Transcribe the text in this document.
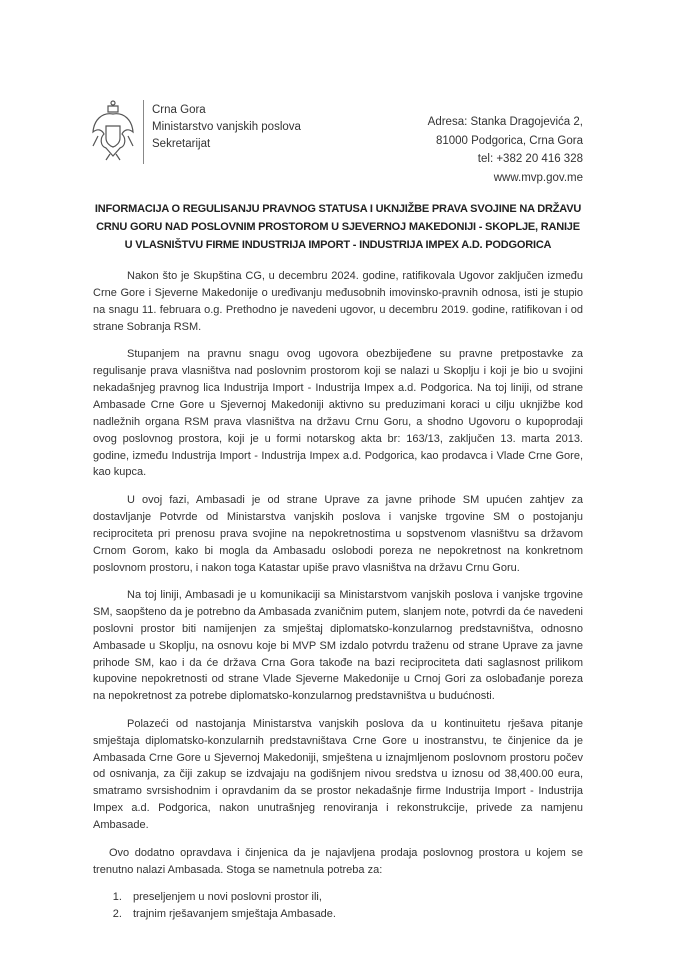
Crna Gora
Ministarstvo vanjskih poslova
Sekretarijat
Adresa: Stanka Dragojevića 2,
81000 Podgorica, Crna Gora
tel: +382 20 416 328
www.mvp.gov.me
INFORMACIJA O REGULISANJU PRAVNOG STATUSA I UKNJIŽBE PRAVA SVOJINE NA DRŽAVU CRNU GORU NAD POSLOVNIM PROSTOROM U SJEVERNOJ MAKEDONIJI - SKOPLJE, RANIJE U VLASNIŠTVU FIRME INDUSTRIJA IMPORT - INDUSTRIJA IMPEX A.D. PODGORICA

Nakon što je Skupština CG, u decembru 2024. godine, ratifikovala Ugovor zaključen između Crne Gore i Sjeverne Makedonije o uređivanju međusobnih imovinsko-pravnih odnosa, isti je stupio na snagu 11. februara o.g. Prethodno je navedeni ugovor, u decembru 2019. godine, ratifikovan i od strane Sobranja RSM.

Stupanjem na pravnu snagu ovog ugovora obezbijeđene su pravne pretpostavke za regulisanje prava vlasništva nad poslovnim prostorom koji se nalazi u Skoplju i koji je bio u svojini nekadašnjeg pravnog lica Industrija Import - Industrija Impex a.d. Podgorica. Na toj liniji, od strane Ambasade Crne Gore u Sjevernoj Makedoniji aktivno su preduzimani koraci u cilju uknjižbe kod nadležnih organa RSM prava vlasništva na državu Crnu Goru, a shodno Ugovoru o kupoprodaji ovog poslovnog prostora, koji je u formi notarskog akta br: 163/13, zaključen 13. marta 2013. godine, između Industrija Import - Industrija Impex a.d. Podgorica, kao prodavca i Vlade Crne Gore, kao kupca.

U ovoj fazi, Ambasadi je od strane Uprave za javne prihode SM upućen zahtjev za dostavljanje Potvrde od Ministarstva vanjskih poslova i vanjske trgovine SM o postojanju reciprociteta pri prenosu prava svojine na nepokretnostima u sopstvenom vlasništvu sa državom Crnom Gorom, kako bi mogla da Ambasadu oslobodi poreza ne nepokretnost na konkretnom poslovnom prostoru, i nakon toga Katastar upiše pravo vlasništva na državu Crnu Goru.

Na toj liniji, Ambasadi je u komunikaciji sa Ministarstvom vanjskih poslova i vanjske trgovine SM, saopšteno da je potrebno da Ambasada zvaničnim putem, slanjem note, potvrdi da će navedeni poslovni prostor biti namijenjen za smještaj diplomatsko-konzularnog predstavništva, odnosno Ambasade u Skoplju, na osnovu koje bi MVP SM izdalo potvrdu traženu od strane Uprave za javne prihode SM, kao i da će država Crna Gora takođe na bazi reciprociteta dati saglasnost prilikom kupovine nepokretnosti od strane Vlade Sjeverne Makedonije u Crnoj Gori za oslobađanje poreza na nepokretnost za potrebe diplomatsko-konzularnog predstavništva u budućnosti.

Polazeći od nastojanja Ministarstva vanjskih poslova da u kontinuitetu rješava pitanje smještaja diplomatsko-konzularnih predstavništava Crne Gore u inostranstvu, te činjenice da je Ambasada Crne Gore u Sjevernoj Makedoniji, smještena u iznajmljenom poslovnom prostoru počev od osnivanja, za čiji zakup se izdvajaju na godišnjem nivou sredstva u iznosu od 38,400.00 eura, smatramo svrsishodnim i opravdanim da se prostor nekadašnje firme Industrija Import - Industrija Impex a.d. Podgorica, nakon unutrašnjeg renoviranja i rekonstrukcije, privede za namjenu Ambasade.

Ovo dodatno opravdava i činjenica da je najavljena prodaja poslovnog prostora u kojem se trenutno nalazi Ambasada. Stoga se nametnula potreba za:

1. preseljenjem u novi poslovni prostor ili,
2. trajnim rješavanjem smještaja Ambasade.
